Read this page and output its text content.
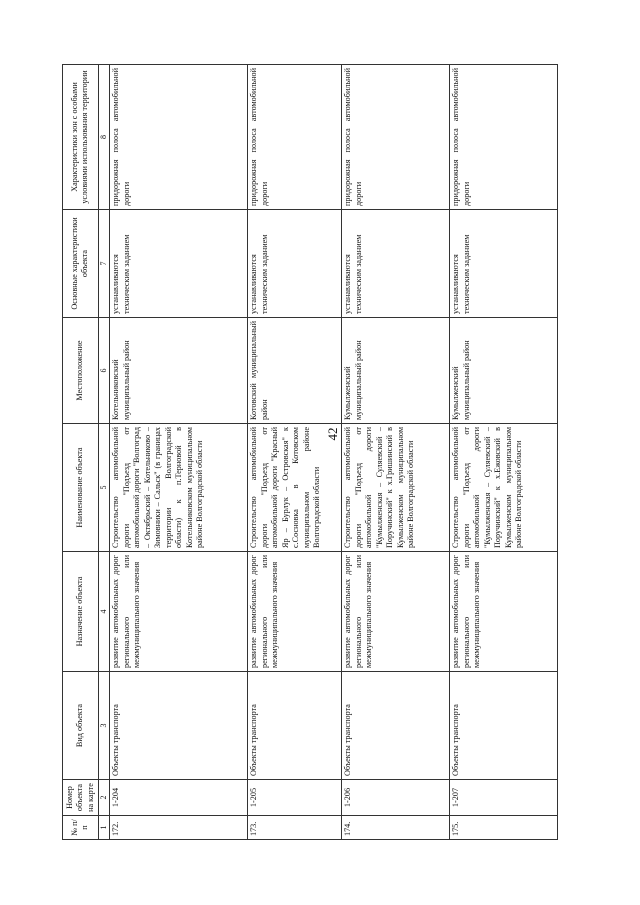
42
№ п/п	Номер объекта на карте	Вид объекта	Назначение объекта	Наименование объекта	Местоположение	Основные характеристики объекта	Характеристики зон с особыми условиями использования территории
1	2	3	4	5	6	7	8
172.	1-204	Объекты транспорта	развитие автомобильных дорог регионального или межмуниципального значения	Строительство автомобильной дороги "Подъезд от автомобильной дороги "Волгоград – Октябрьский – Котельниково – Зимовники – Сальск" (в границах территории Волгоградской области) к п.Терновой в Котельниковском муниципальном районе Волгоградской области	Котельниковский муниципальный район	устанавливаются техническим заданием	придорожная полоса автомобильной дороги
173.	1-205	Объекты транспорта	развитие автомобильных дорог регионального или межмуниципального значения	Строительство автомобильной дороги "Подъезд от автомобильной дороги "Красный Яр – Бурлук – Островская" к с.Сосновка в Котовском муниципальном районе Волгоградской области	Котовский муниципальный район	устанавливаются техническим заданием	придорожная полоса автомобильной дороги
174.	1-206	Объекты транспорта	развитие автомобильных дорог регионального или межмуниципального значения	Строительство автомобильной дороги "Подъезд от автомобильной дороги "Кумылженская – Суляевский – Поручинский" к х.Гришинский в Кумылженском муниципальном районе Волгоградской области	Кумылженский муниципальный район	устанавливаются техническим заданием	придорожная полоса автомобильной дороги
175.	1-207	Объекты транспорта	развитие автомобильных дорог регионального или межмуниципального значения	Строительство автомобильной дороги "Подъезд от автомобильной дороги "Кумылженская – Суляевский – Поручинский" к х.Ежовский в Кумылженском муниципальном районе Волгоградской области	Кумылженский муниципальный район	устанавливаются техническим заданием	придорожная полоса автомобильной дороги
